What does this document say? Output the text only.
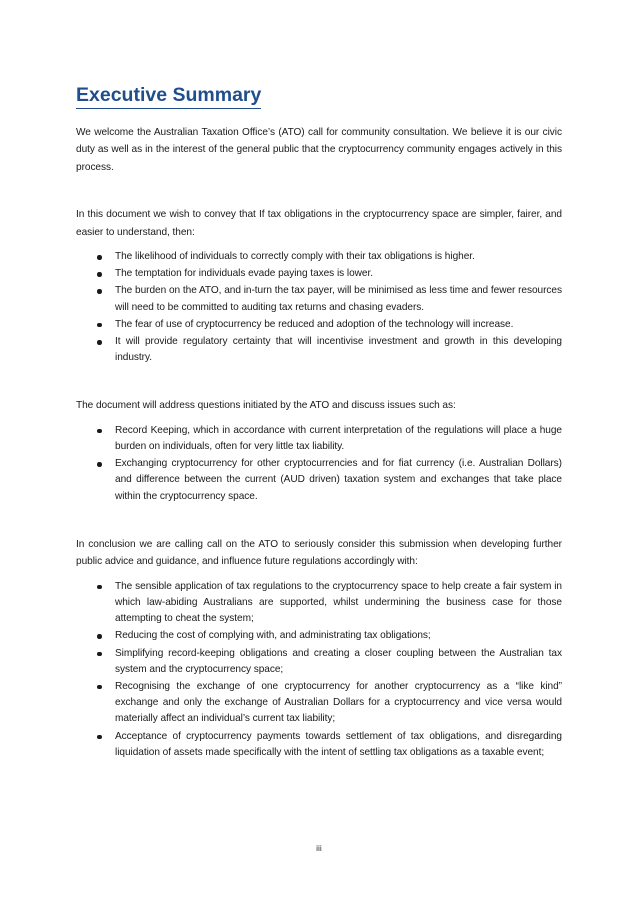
Executive Summary

We welcome the Australian Taxation Office’s (ATO) call for community consultation. We believe it is our civic duty as well as in the interest of the general public that the cryptocurrency community engages actively in this process.

In this document we wish to convey that If tax obligations in the cryptocurrency space are simpler, fairer, and easier to understand, then:

The likelihood of individuals to correctly comply with their tax obligations is higher.
The temptation for individuals evade paying taxes is lower.
The burden on the ATO, and in-turn the tax payer, will be minimised as less time and fewer resources will need to be committed to auditing tax returns and chasing evaders.
The fear of use of cryptocurrency be reduced and adoption of the technology will increase.
It will provide regulatory certainty that will incentivise investment and growth in this developing industry.

The document will address questions initiated by the ATO and discuss issues such as:

Record Keeping, which in accordance with current interpretation of the regulations will place a huge burden on individuals, often for very little tax liability.
Exchanging cryptocurrency for other cryptocurrencies and for fiat currency (i.e. Australian Dollars) and difference between the current (AUD driven) taxation system and exchanges that take place within the cryptocurrency space.

In conclusion we are calling call on the ATO to seriously consider this submission when developing further public advice and guidance, and influence future regulations accordingly with:

The sensible application of tax regulations to the cryptocurrency space to help create a fair system in which law-abiding Australians are supported, whilst undermining the business case for those attempting to cheat the system;
Reducing the cost of complying with, and administrating tax obligations;
Simplifying record-keeping obligations and creating a closer coupling between the Australian tax system and the cryptocurrency space;
Recognising the exchange of one cryptocurrency for another cryptocurrency as a “like kind” exchange and only the exchange of Australian Dollars for a cryptocurrency and vice versa would materially affect an individual’s current tax liability;
Acceptance of cryptocurrency payments towards settlement of tax obligations, and disregarding liquidation of assets made specifically with the intent of settling tax obligations as a taxable event;
iii
